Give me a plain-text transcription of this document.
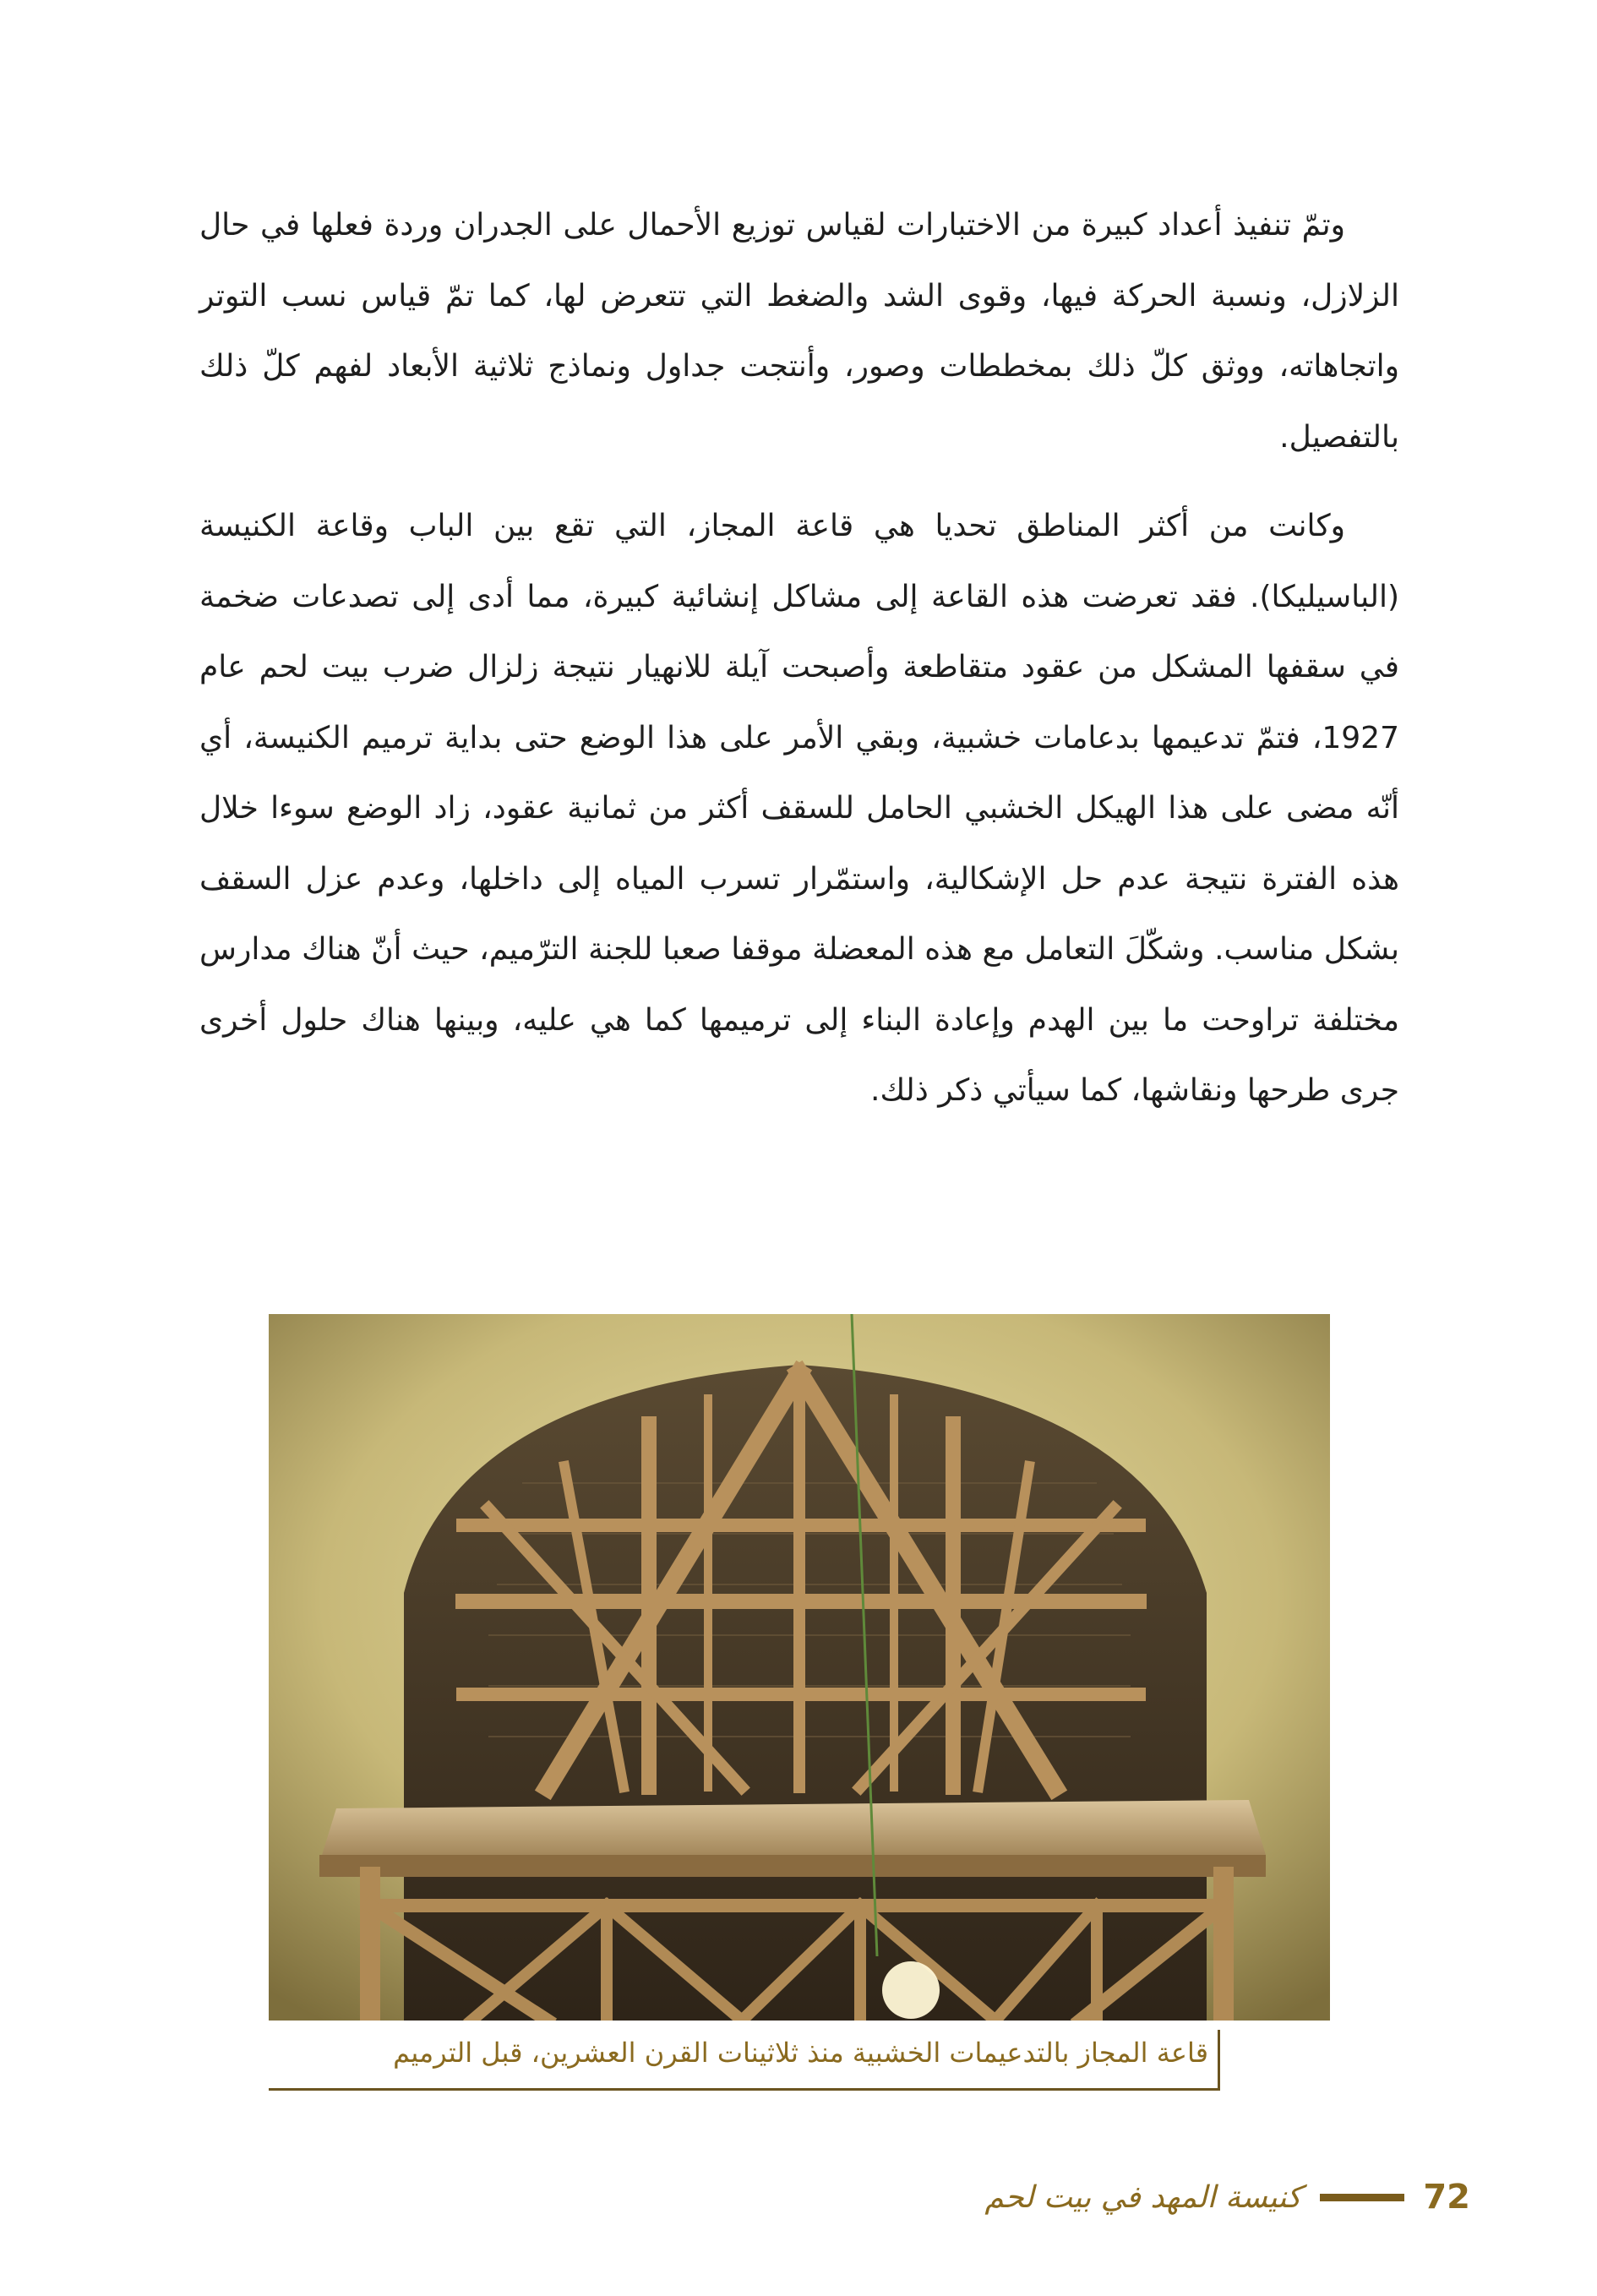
وتمّ تنفيذ أعداد كبيرة من الاختبارات لقياس توزيع الأحمال على الجدران وردة فعلها في حال الزلازل، ونسبة الحركة فيها، وقوى الشد والضغط التي تتعرض لها، كما تمّ قياس نسب التوتر واتجاهاته، ووثق كلّ ذلك بمخططات وصور، وأنتجت جداول ونماذج ثلاثية الأبعاد لفهم كلّ ذلك بالتفصيل.

وكانت من أكثر المناطق تحديا هي قاعة المجاز، التي تقع بين الباب وقاعة الكنيسة (الباسيليكا). فقد تعرضت هذه القاعة إلى مشاكل إنشائية كبيرة، مما أدى إلى تصدعات ضخمة في سقفها المشكل من عقود متقاطعة وأصبحت آيلة للانهيار نتيجة زلزال ضرب بيت لحم عام 1927، فتمّ تدعيمها بدعامات خشبية، وبقي الأمر على هذا الوضع حتى بداية ترميم الكنيسة، أي أنّه مضى على هذا الهيكل الخشبي الحامل للسقف أكثر من ثمانية عقود، زاد الوضع سوءا خلال هذه الفترة نتيجة عدم حل الإشكالية، واستمّرار تسرب المياه إلى داخلها، وعدم عزل السقف بشكل مناسب. وشكّلَ التعامل مع هذه المعضلة موقفا صعبا للجنة الترّميم، حيث أنّ هناك مدارس مختلفة تراوحت ما بين الهدم وإعادة البناء إلى ترميمها كما هي عليه، وبينها هناك حلول أخرى جرى طرحها ونقاشها، كما سيأتي ذكر ذلك.

قاعة المجاز بالتدعيمات الخشبية منذ ثلاثينات القرن العشرين، قبل الترميم
كنيسة المهد في بيت لحم	72
